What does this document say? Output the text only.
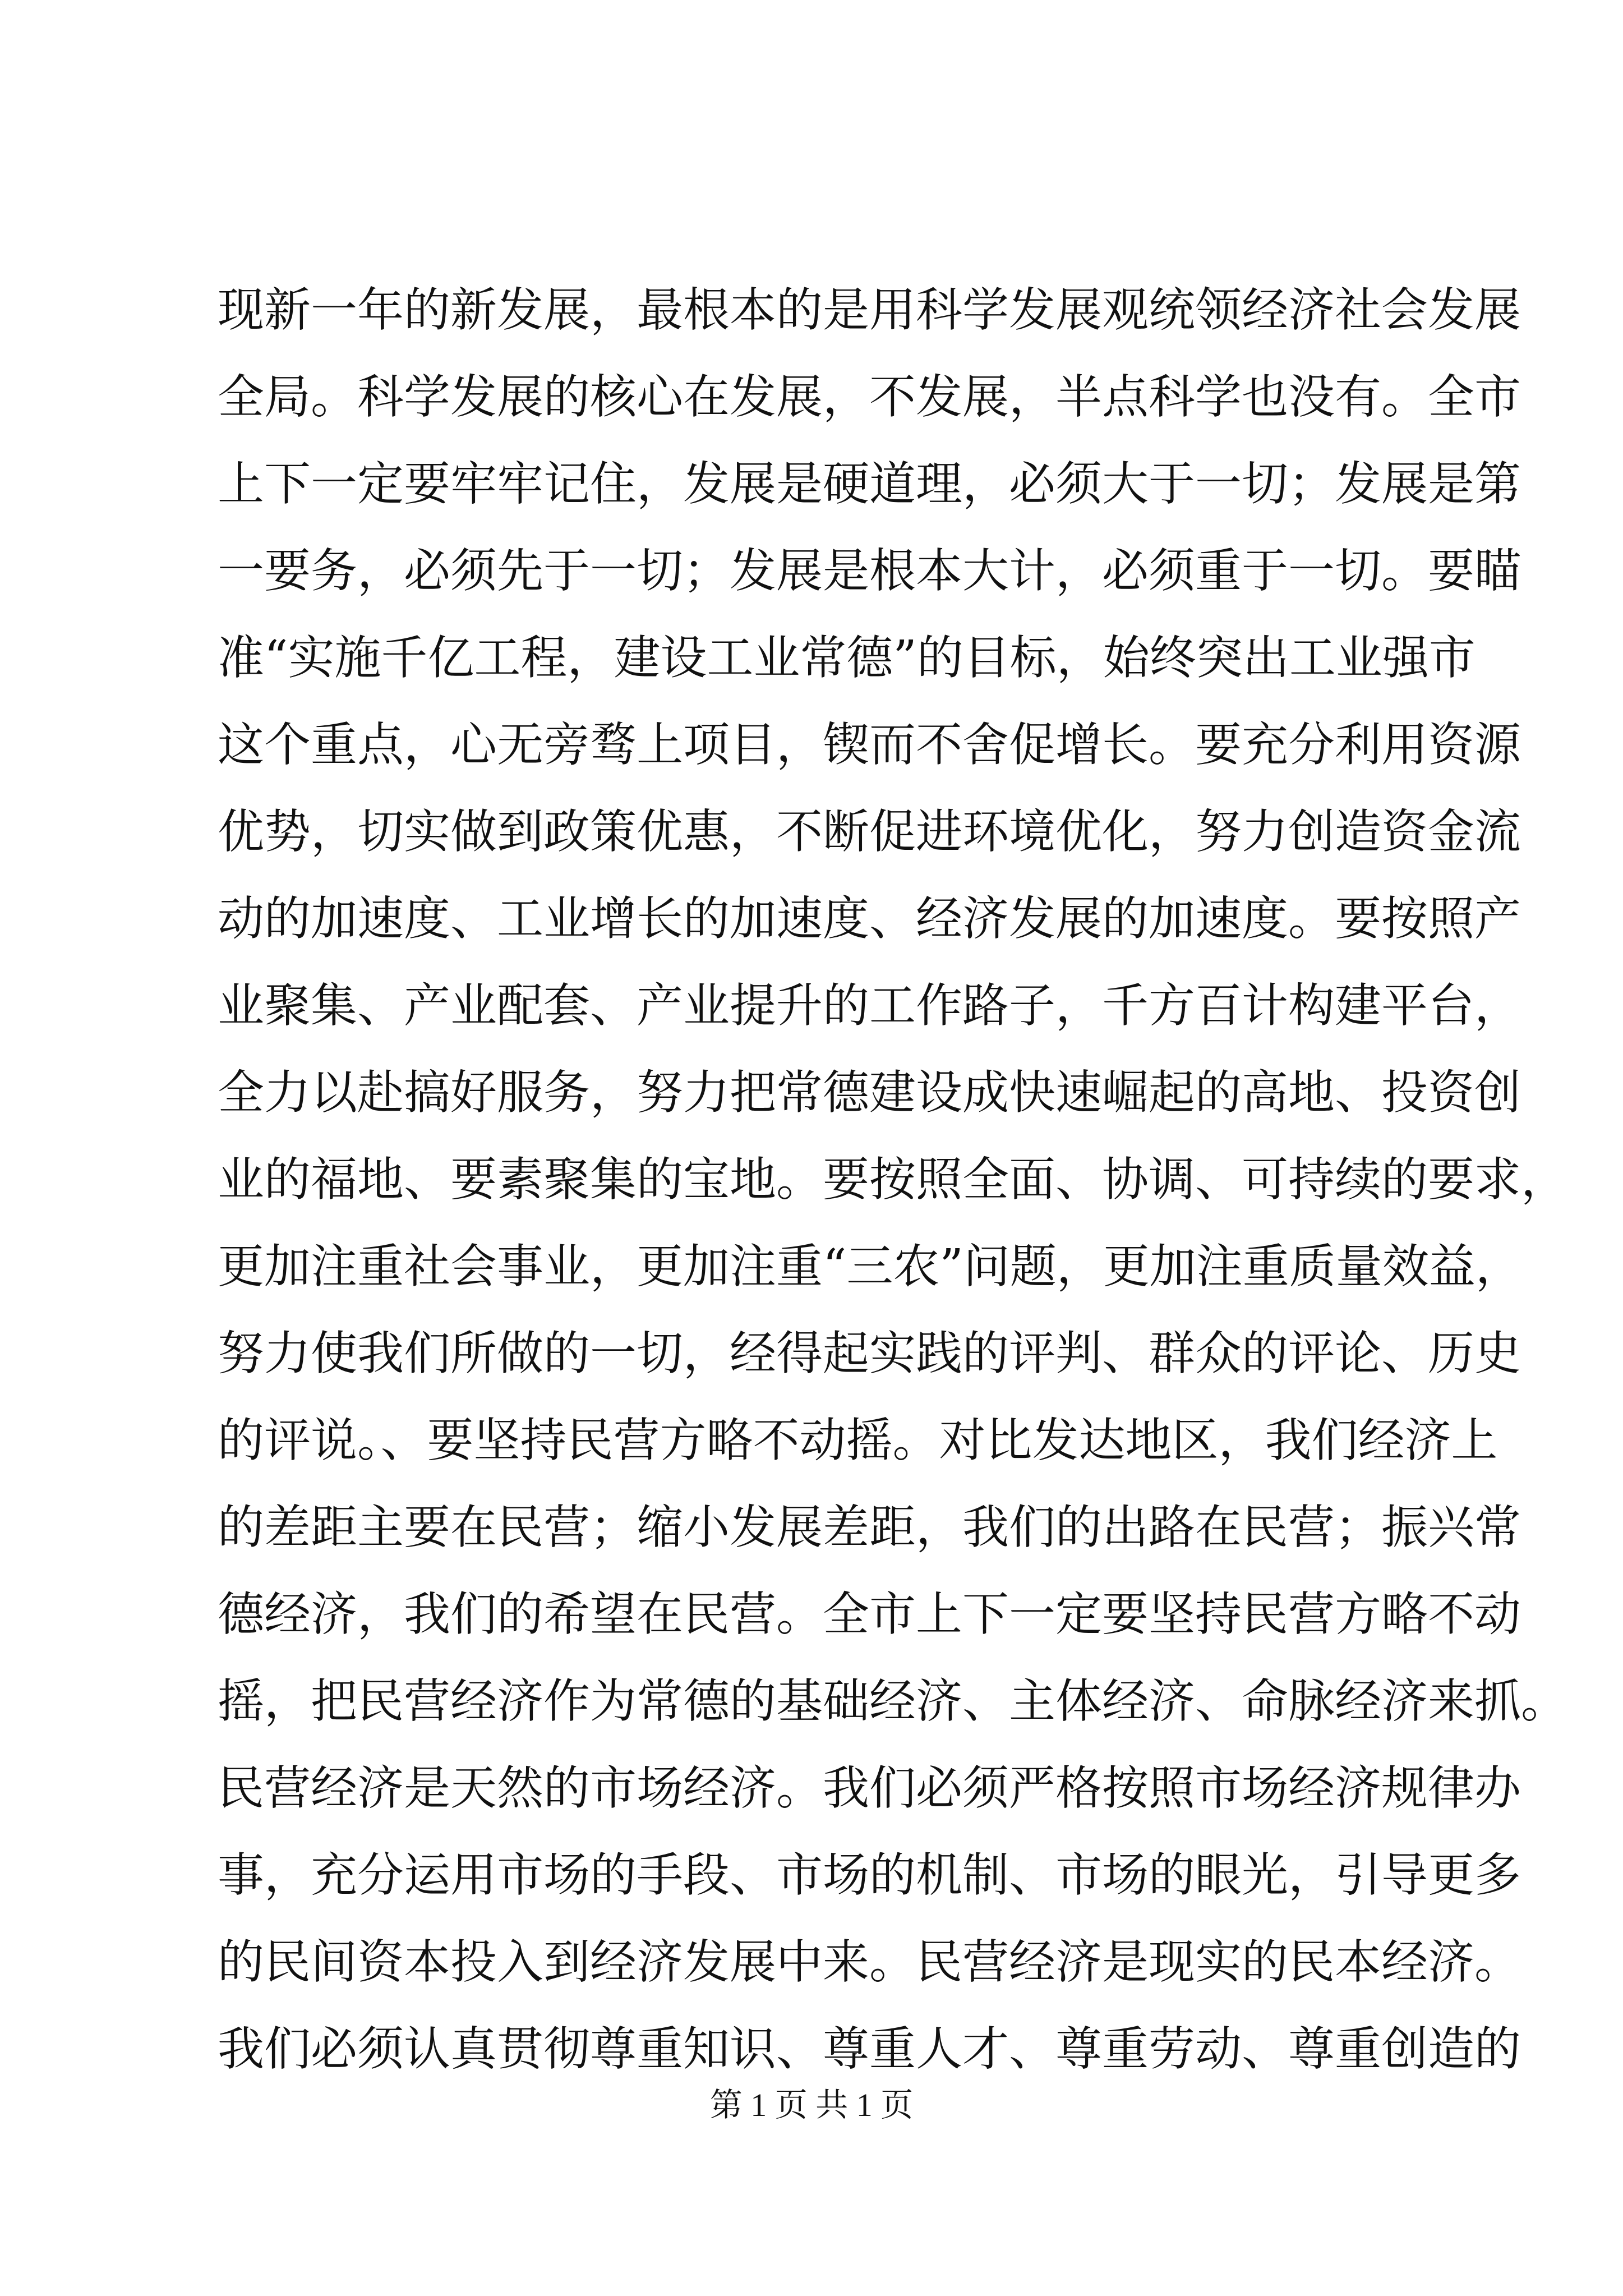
现新一年的新发展，最根本的是用科学发展观统领经济社会发展
全局。科学发展的核心在发展，不发展，半点科学也没有。全市
上下一定要牢牢记住，发展是硬道理，必须大于一切；发展是第
一要务，必须先于一切；发展是根本大计，必须重于一切。要瞄
准“实施千亿工程，建设工业常德”的目标，始终突出工业强市
这个重点，心无旁骛上项目，锲而不舍促增长。要充分利用资源
优势，切实做到政策优惠，不断促进环境优化，努力创造资金流
动的加速度、工业增长的加速度、经济发展的加速度。要按照产
业聚集、产业配套、产业提升的工作路子，千方百计构建平台，
全力以赴搞好服务，努力把常德建设成快速崛起的高地、投资创
业的福地、要素聚集的宝地。要按照全面、协调、可持续的要求，
更加注重社会事业，更加注重“三农”问题，更加注重质量效益，
努力使我们所做的一切，经得起实践的评判、群众的评论、历史
的评说。、要坚持民营方略不动摇。对比发达地区，我们经济上
的差距主要在民营；缩小发展差距，我们的出路在民营；振兴常
德经济，我们的希望在民营。全市上下一定要坚持民营方略不动
摇，把民营经济作为常德的基础经济、主体经济、命脉经济来抓。
民营经济是天然的市场经济。我们必须严格按照市场经济规律办
事，充分运用市场的手段、市场的机制、市场的眼光，引导更多
的民间资本投入到经济发展中来。民营经济是现实的民本经济。
我们必须认真贯彻尊重知识、尊重人才、尊重劳动、尊重创造的
第 1 页 共 1 页
